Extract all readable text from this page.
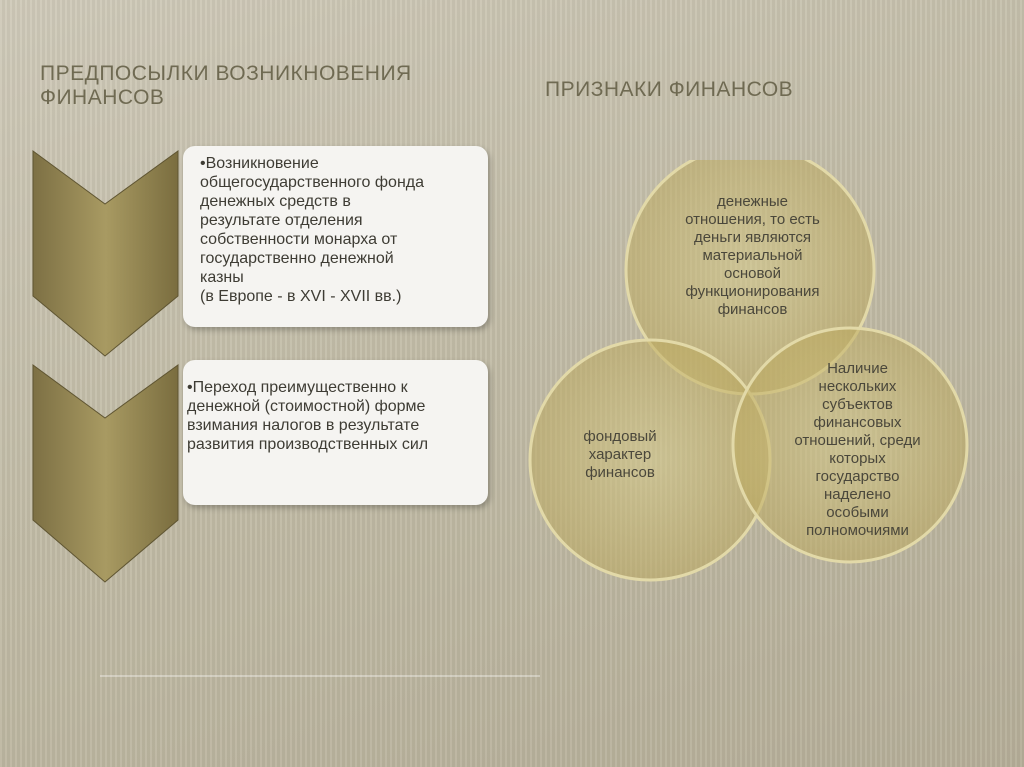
ПРЕДПОСЫЛКИ ВОЗНИКНОВЕНИЯ
ФИНАНСОВ	ПРИЗНАКИ ФИНАНСОВ
•Возникновение
общегосударственного фонда
денежных средств в
результате отделения
собственности монарха от
государственно денежной
казны
(в Европе - в XVI - XVII вв.)
•Переход преимущественно к
денежной (стоимостной) форме
взимания налогов в результате
развития производственных сил
денежные
отношения, то есть
деньги являются
материальной
основой
функционирования
финансов
фондовый
характер
финансов
Наличие
нескольких
субъектов
финансовых
отношений, среди
которых
государство
наделено
особыми
полномочиями
